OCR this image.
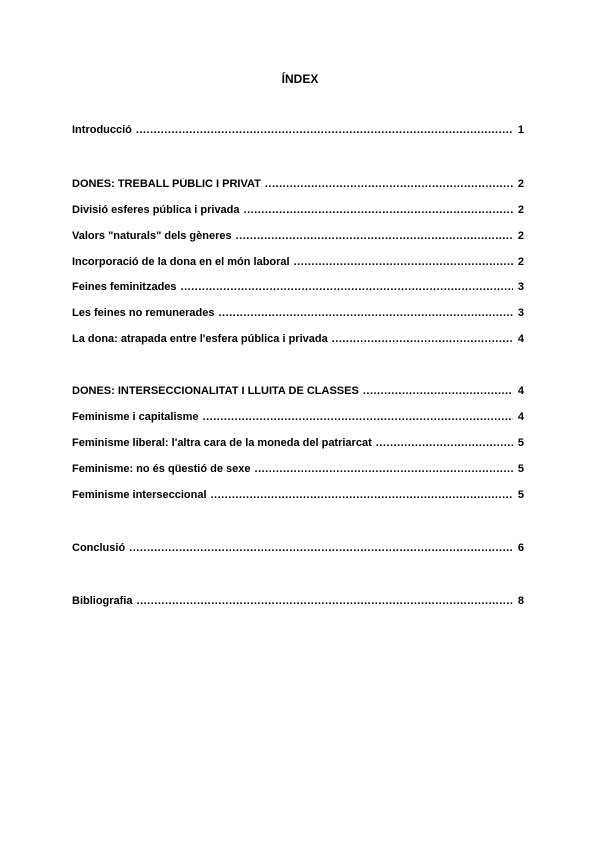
ÍNDEX
Introducció .....	1
DONES: TREBALL PÚBLIC I PRIVAT .....	2
Divisió esferes pública i privada .....	2
Valors "naturals" dels gèneres .....	2
Incorporació de la dona en el món laboral .....	2
Feines feminitzades .....	3
Les feines no remunerades .....	3
La dona: atrapada entre l'esfera pública i privada .....	4
DONES: INTERSECCIONALITAT I LLUITA DE CLASSES .....	4
Feminisme i capitalisme .....	4
Feminisme liberal: l'altra cara de la moneda del patriarcat .....	5
Feminisme: no és qüestió de sexe .....	5
Feminisme interseccional .....	5
Conclusió .....	6
Bibliografia .....	8
